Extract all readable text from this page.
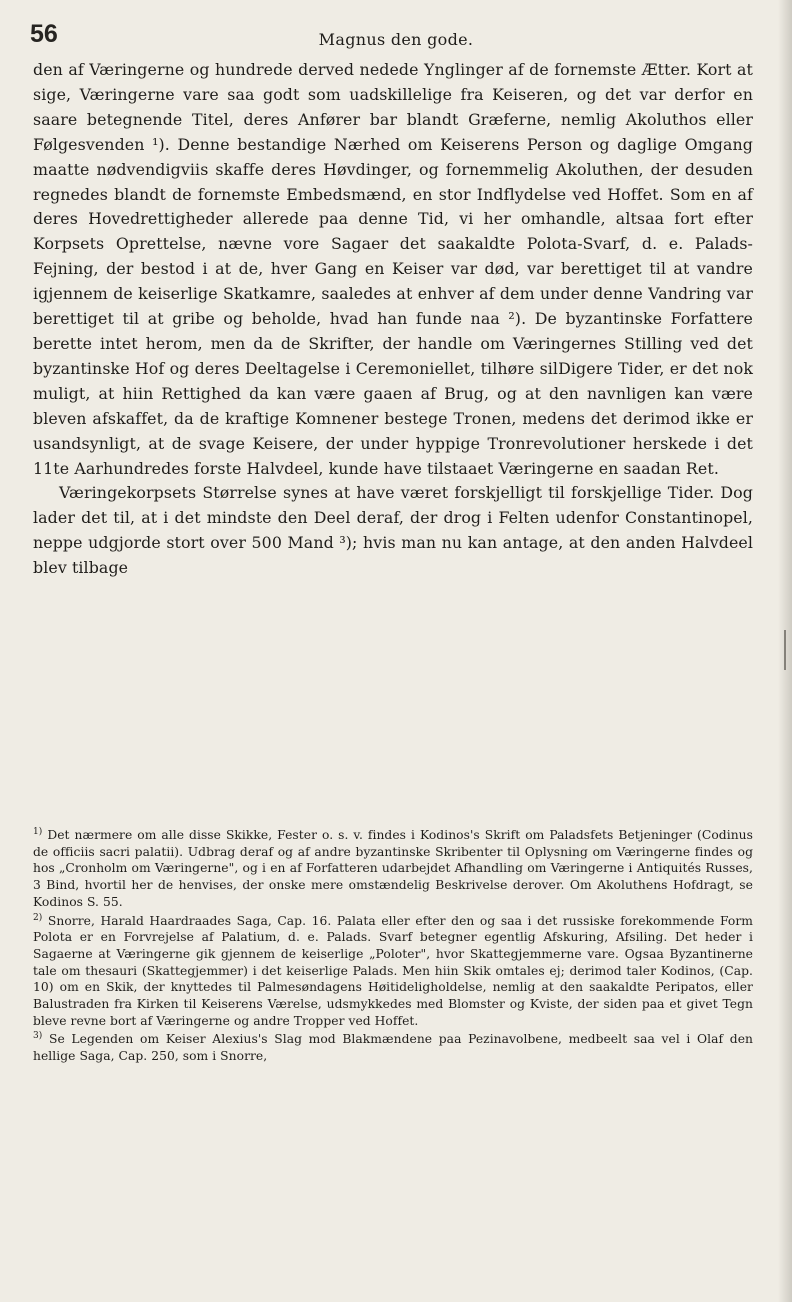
56	Magnus den gode.

den af Væringerne og hundrede derved nedede Ynglinger af de fornemste Ætter. Kort at sige, Væringerne vare saa godt som uadskillelige fra Keiseren, og det var derfor en saare betegnende Titel, deres Anfører bar blandt Græferne, nemlig Akoluthos eller Følgesvenden ¹). Denne bestandige Nærhed om Keiserens Person og daglige Omgang maatte nødvendigviis skaffe deres Høvdinger, og fornemmelig Akoluthen, der desuden regnedes blandt de fornemste Embedsmænd, en stor Indflydelse ved Hoffet. Som en af deres Hovedrettigheder allerede paa denne Tid, vi her omhandle, altsaa fort efter Korpsets Oprettelse, nævne vore Sagaer det saakaldte Polota-Svarf, d. e. Palads-Fejning, der bestod i at de, hver Gang en Keiser var død, var berettiget til at vandre igjennem de keiserlige Skatkamre, saaledes at enhver af dem under denne Vandring var berettiget til at gribe og beholde, hvad han funde naa ²). De byzantinske Forfattere berette intet herom, men da de Skrifter, der handle om Væringernes Stilling ved det byzantinske Hof og deres Deeltagelse i Ceremoniellet, tilhøre silDigere Tider, er det nok muligt, at hiin Rettighed da kan være gaaen af Brug, og at den navnligen kan være bleven afskaffet, da de kraftige Komnener bestege Tronen, medens det derimod ikke er usandsynligt, at de svage Keisere, der under hyppige Tronrevolutioner herskede i det 11te Aarhundredes forste Halvdeel, kunde have tilstaaet Væringerne en saadan Ret.

Væringekorpsets Størrelse synes at have været forskjelligt til forskjellige Tider. Dog lader det til, at i det mindste den Deel deraf, der drog i Felten udenfor Constantinopel, neppe udgjorde stort over 500 Mand ³); hvis man nu kan antage, at den anden Halvdeel blev tilbage

$^{1)}$ Det nærmere om alle disse Skikke, Fester o. s. v. findes i Kodinos's Skrift om Paladsfets Betjeninger (Codinus de officiis sacri palatii). Udbrag deraf og af andre byzantinske Skribenter til Oplysning om Væringerne findes og hos „Cronholm om Væringerne", og i en af Forfatteren udarbejdet Afhandling om Væringerne i Antiquités Russes, 3 Bind, hvortil her de henvises, der onske mere omstændelig Beskrivelse derover. Om Akoluthens Hofdragt, se Kodinos S. 55.

$^{2)}$ Snorre, Harald Haardraades Saga, Cap. 16. Palata eller efter den og saa i det russiske forekommende Form Polota er en Forvrejelse af Palatium, d. e. Palads. Svarf betegner egentlig Afskuring, Afsiling. Det heder i Sagaerne at Væringerne gik gjennem de keiserlige „Poloter", hvor Skattegjemmerne vare. Ogsaa Byzantinerne tale om thesauri (Skattegjemmer) i det keiserlige Palads. Men hiin Skik omtales ej; derimod taler Kodinos, (Cap. 10) om en Skik, der knyttedes til Palmesøndagens Høitideligholdelse, nemlig at den saakaldte Peripatos, eller Balustraden fra Kirken til Keiserens Værelse, udsmykkedes med Blomster og Kviste, der siden paa et givet Tegn bleve revne bort af Væringerne og andre Tropper ved Hoffet.

$^{3)}$ Se Legenden om Keiser Alexius's Slag mod Blakmændene paa Pezinavolbene, medbeelt saa vel i Olaf den hellige Saga, Cap. 250, som i Snorre,
